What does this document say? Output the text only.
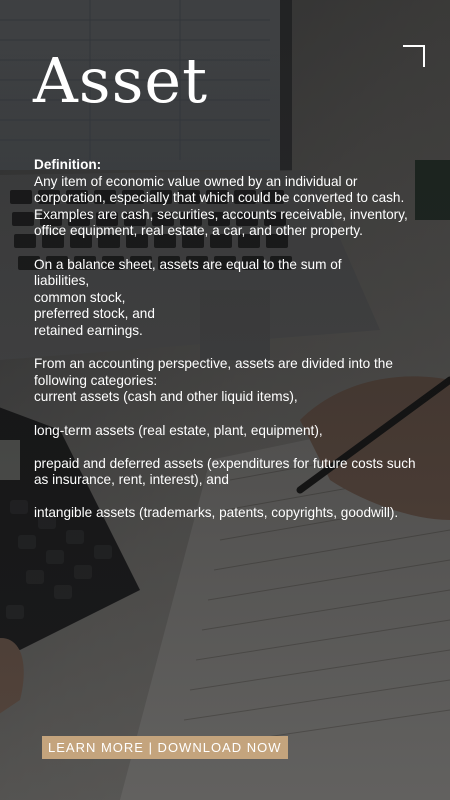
Asset

Definition:

Any item of economic value owned by an individual or corporation, especially that which could be converted to cash. Examples are cash, securities, accounts receivable, inventory, office equipment, real estate, a car, and other property.

On a balance sheet, assets are equal to the sum of

liabilities,

common stock,

preferred stock, and

retained earnings.

From an accounting perspective, assets are divided into the following categories:

current assets (cash and other liquid items),

long-term assets (real estate, plant, equipment),

prepaid and deferred assets (expenditures for future costs such as insurance, rent, interest), and

intangible assets (trademarks, patents, copyrights, goodwill).

LEARN MORE | DOWNLOAD NOW
